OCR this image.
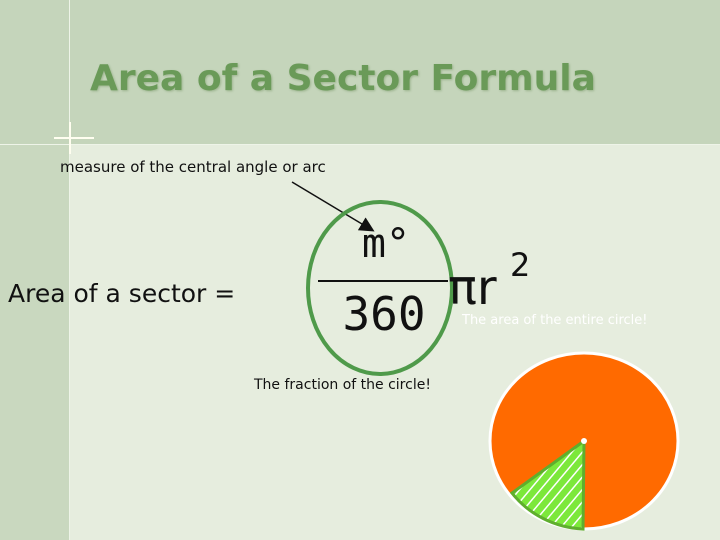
Area of a Sector Formula
measure of the central angle or arc
Area of a sector =
m°
360 πr 2
The area of the entire circle!
The fraction of the circle!
